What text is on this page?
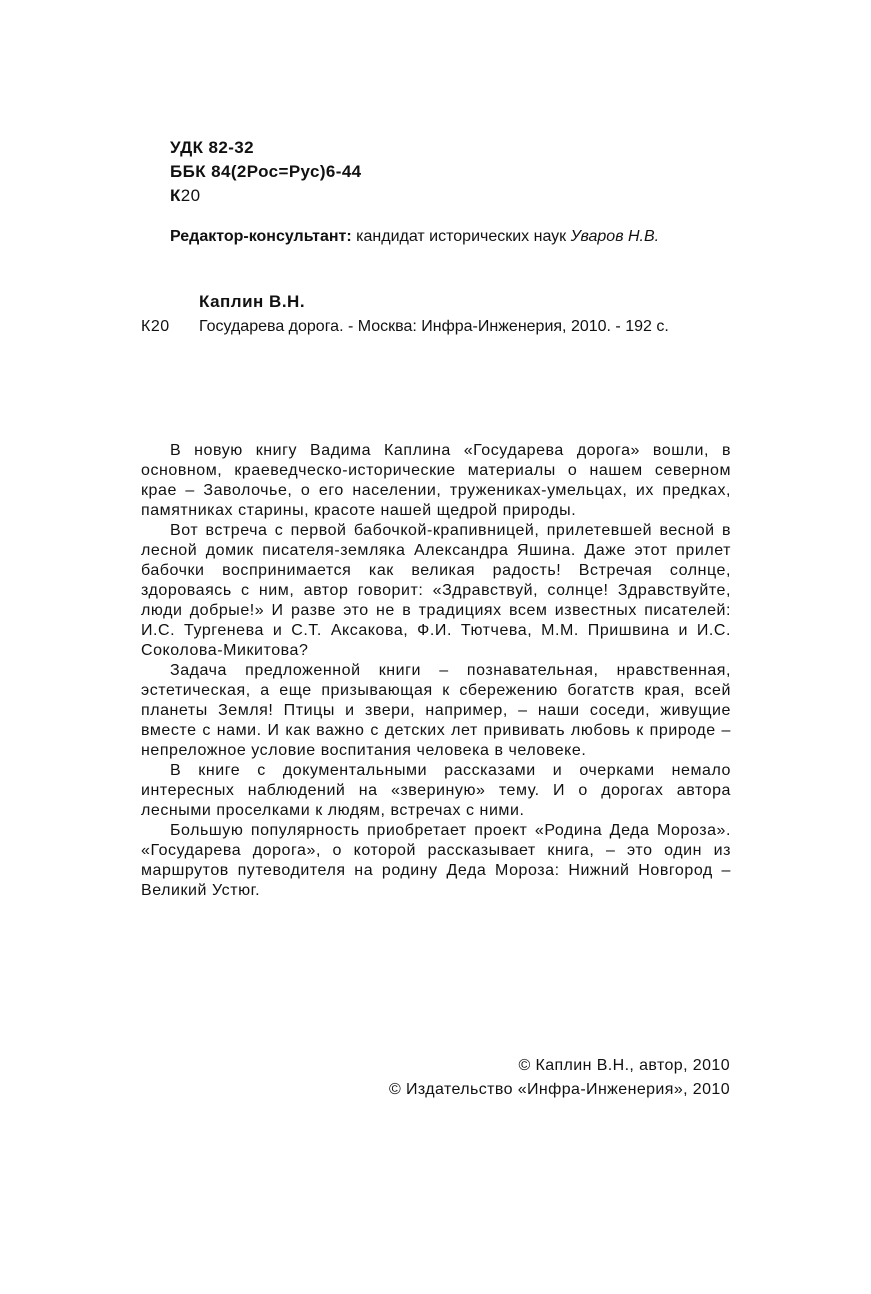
УДК 82-32
ББК 84(2Рос=Рус)6-44
К20
Редактор-консультант: кандидат исторических наук Уваров Н.В.
Каплин В.Н.
К20 Государева дорога. - Москва: Инфра-Инженерия, 2010. - 192 с.

В новую книгу Вадима Каплина «Государева дорога» вошли, в основном, краеведческо-исторические материалы о нашем северном крае – Заволочье, о его населении, тружениках-умельцах, их предках, памятниках старины, красоте нашей щедрой природы.

Вот встреча с первой бабочкой-крапивницей, прилетевшей весной в лесной домик писателя-земляка Александра Яшина. Даже этот прилет бабочки воспринимается как великая радость! Встречая солнце, здороваясь с ним, автор говорит: «Здравствуй, солнце! Здравствуйте, люди добрые!» И разве это не в традициях всем известных писателей: И.С. Тургенева и С.Т. Аксакова, Ф.И. Тютчева, М.М. Пришвина и И.С. Соколова-Микитова?

Задача предложенной книги – познавательная, нравственная, эстетическая, а еще призывающая к сбережению богатств края, всей планеты Земля! Птицы и звери, например, – наши соседи, живущие вместе с нами. И как важно с детских лет прививать любовь к природе – непреложное условие воспитания человека в человеке.

В книге с документальными рассказами и очерками немало интересных наблюдений на «звериную» тему. И о дорогах автора лесными проселками к людям, встречах с ними.

Большую популярность приобретает проект «Родина Деда Мороза». «Государева дорога», о которой рассказывает книга, – это один из маршрутов путеводителя на родину Деда Мороза: Нижний Новгород – Великий Устюг.

© Каплин В.Н., автор, 2010
© Издательство «Инфра-Инженерия», 2010
